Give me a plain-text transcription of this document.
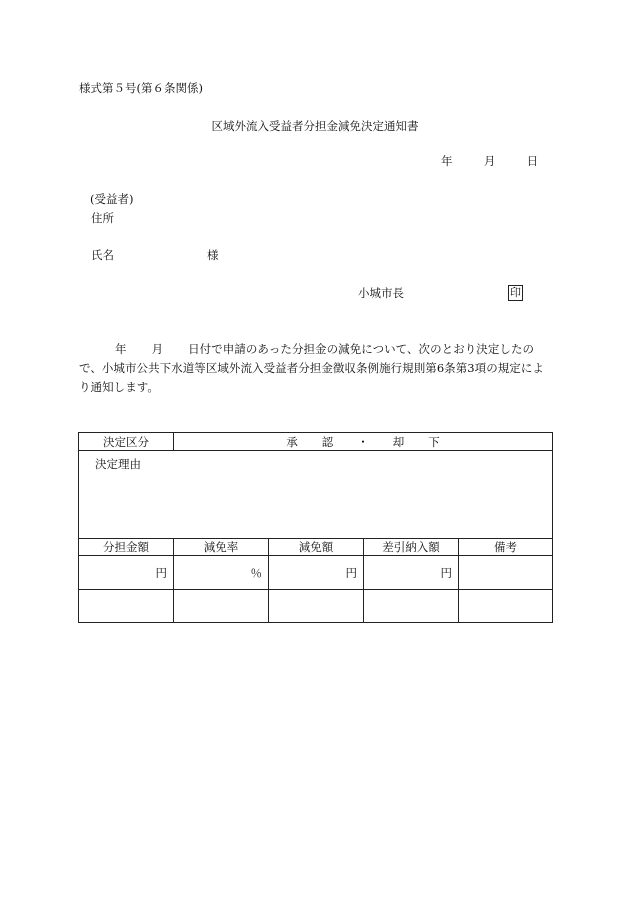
様式第５号(第６条関係)
区域外流入受益者分担金減免決定通知書
年	月	日
(受益者)
住所
氏名	様
小城市長	印
年 月 日付で申請のあった分担金の減免について、次のとおり決定したので、小城市公共下水道等区域外流入受益者分担金徴収条例施行規則第6条第3項の規定により通知します。
決定区分	承 認 ・ 却 下			
決定理由				
分担金額	減免率	減免額	差引納入額	備考
円	％	円	円	
